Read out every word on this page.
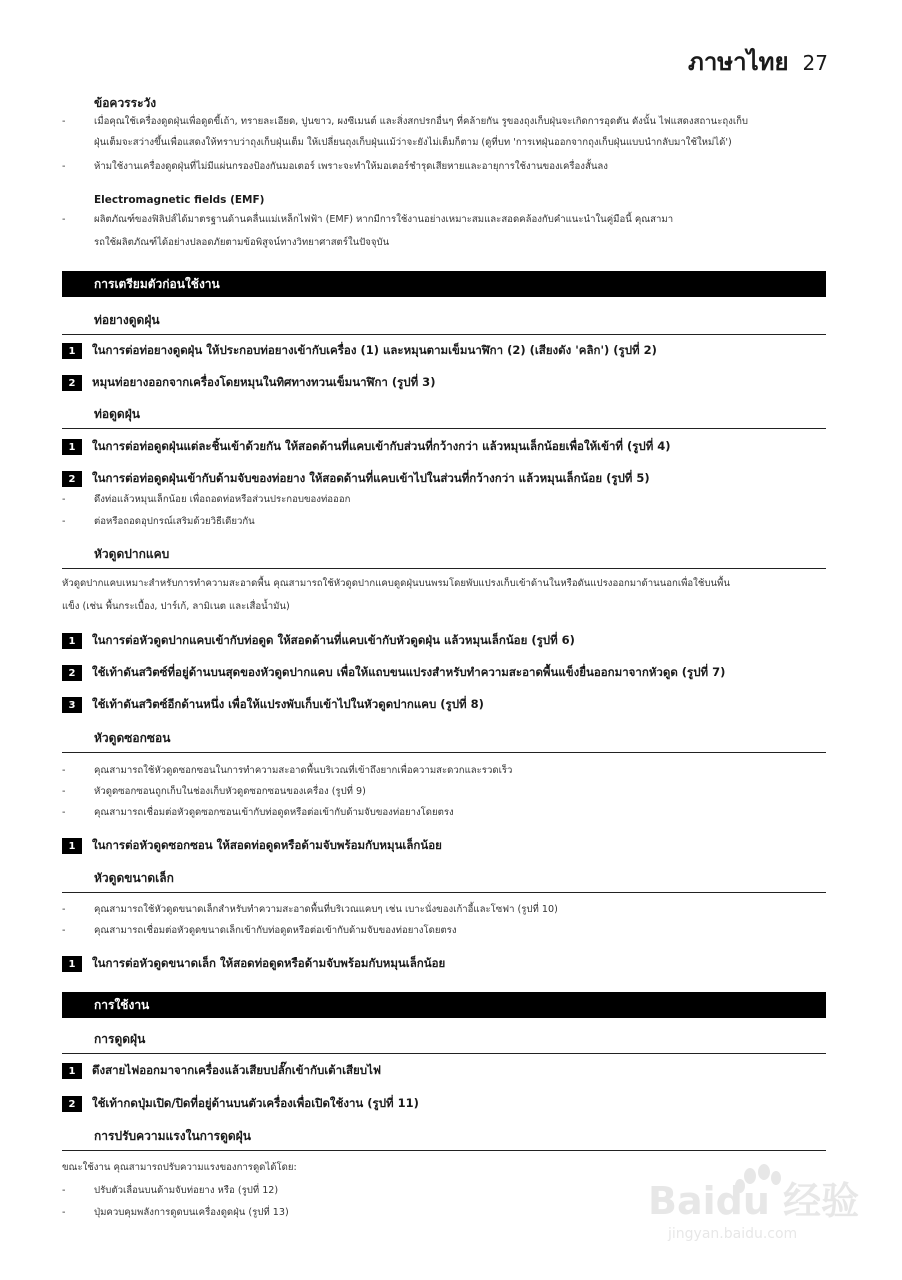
ภาษาไทย 27
ข้อควรระวัง
-	เมื่อคุณใช้เครื่องดูดฝุ่นเพื่อดูดขี้เถ้า, ทรายละเอียด, ปูนขาว, ผงซีเมนต์ และสิ่งสกปรกอื่นๆ ที่คล้ายกัน รูของถุงเก็บฝุ่นจะเกิดการอุดตัน ดังนั้น ไฟแสดงสถานะถุงเก็บ
ฝุ่นเต็มจะสว่างขึ้นเพื่อแสดงให้ทราบว่าถุงเก็บฝุ่นเต็ม ให้เปลี่ยนถุงเก็บฝุ่นแม้ว่าจะยังไม่เต็มก็ตาม (ดูที่บท 'การเทฝุ่นออกจากถุงเก็บฝุ่นแบบนำกลับมาใช้ใหม่ได้')
-	ห้ามใช้งานเครื่องดูดฝุ่นที่ไม่มีแผ่นกรองป้องกันมอเตอร์ เพราะจะทำให้มอเตอร์ชำรุดเสียหายและอายุการใช้งานของเครื่องสั้นลง
Electromagnetic fields (EMF)
-	ผลิตภัณฑ์ของฟิลิปส์ได้มาตรฐานด้านคลื่นแม่เหล็กไฟฟ้า (EMF) หากมีการใช้งานอย่างเหมาะสมและสอดคล้องกับคำแนะนำในคู่มือนี้ คุณสามา
รถใช้ผลิตภัณฑ์ได้อย่างปลอดภัยตามข้อพิสูจน์ทางวิทยาศาสตร์ในปัจจุบัน
การเตรียมตัวก่อนใช้งาน
ท่อยางดูดฝุ่น
1	ในการต่อท่อยางดูดฝุ่น ให้ประกอบท่อยางเข้ากับเครื่อง (1) และหมุนตามเข็มนาฬิกา (2) (เสียงดัง 'คลิก') (รูปที่ 2)
2	หมุนท่อยางออกจากเครื่องโดยหมุนในทิศทางทวนเข็มนาฬิกา (รูปที่ 3)
ท่อดูดฝุ่น
1	ในการต่อท่อดูดฝุ่นแต่ละชิ้นเข้าด้วยกัน ให้สอดด้านที่แคบเข้ากับส่วนที่กว้างกว่า แล้วหมุนเล็กน้อยเพื่อให้เข้าที่ (รูปที่ 4)
2	ในการต่อท่อดูดฝุ่นเข้ากับด้ามจับของท่อยาง ให้สอดด้านที่แคบเข้าไปในส่วนที่กว้างกว่า แล้วหมุนเล็กน้อย (รูปที่ 5)
-	ดึงท่อแล้วหมุนเล็กน้อย เพื่อถอดท่อหรือส่วนประกอบของท่อออก
-	ต่อหรือถอดอุปกรณ์เสริมด้วยวิธีเดียวกัน
หัวดูดปากแคบ
หัวดูดปากแคบเหมาะสำหรับการทำความสะอาดพื้น คุณสามารถใช้หัวดูดปากแคบดูดฝุ่นบนพรมโดยพับแปรงเก็บเข้าด้านในหรือดันแปรงออกมาด้านนอกเพื่อใช้บนพื้น
แข็ง (เช่น พื้นกระเบื้อง, ปาร์เก้, ลามิเนต และเสื่อน้ำมัน)
1	ในการต่อหัวดูดปากแคบเข้ากับท่อดูด ให้สอดด้านที่แคบเข้ากับหัวดูดฝุ่น แล้วหมุนเล็กน้อย (รูปที่ 6)
2	ใช้เท้าดันสวิตซ์ที่อยู่ด้านบนสุดของหัวดูดปากแคบ เพื่อให้แถบขนแปรงสำหรับทำความสะอาดพื้นแข็งยื่นออกมาจากหัวดูด (รูปที่ 7)
3	ใช้เท้าดันสวิตซ์อีกด้านหนึ่ง เพื่อให้แปรงพับเก็บเข้าไปในหัวดูดปากแคบ (รูปที่ 8)
หัวดูดซอกซอน
-	คุณสามารถใช้หัวดูดซอกซอนในการทำความสะอาดพื้นบริเวณที่เข้าถึงยากเพื่อความสะดวกและรวดเร็ว
-	หัวดูดซอกซอนถูกเก็บในช่องเก็บหัวดูดซอกซอนของเครื่อง (รูปที่ 9)
-	คุณสามารถเชื่อมต่อหัวดูดซอกซอนเข้ากับท่อดูดหรือต่อเข้ากับด้ามจับของท่อยางโดยตรง
1	ในการต่อหัวดูดซอกซอน ให้สอดท่อดูดหรือด้ามจับพร้อมกับหมุนเล็กน้อย
หัวดูดขนาดเล็ก
-	คุณสามารถใช้หัวดูดขนาดเล็กสำหรับทำความสะอาดพื้นที่บริเวณแคบๆ เช่น เบาะนั่งของเก้าอี้และโซฟา (รูปที่ 10)
-	คุณสามารถเชื่อมต่อหัวดูดขนาดเล็กเข้ากับท่อดูดหรือต่อเข้ากับด้ามจับของท่อยางโดยตรง
1	ในการต่อหัวดูดขนาดเล็ก ให้สอดท่อดูดหรือด้ามจับพร้อมกับหมุนเล็กน้อย
การใช้งาน
การดูดฝุ่น
1	ดึงสายไฟออกมาจากเครื่องแล้วเสียบปลั๊กเข้ากับเต้าเสียบไฟ
2	ใช้เท้ากดปุ่มเปิด/ปิดที่อยู่ด้านบนตัวเครื่องเพื่อเปิดใช้งาน (รูปที่ 11)
การปรับความแรงในการดูดฝุ่น
ขณะใช้งาน คุณสามารถปรับความแรงของการดูดได้โดย:
-	ปรับตัวเลื่อนบนด้ามจับท่อยาง หรือ (รูปที่ 12)
-	ปุ่มควบคุมพลังการดูดบนเครื่องดูดฝุ่น (รูปที่ 13)	Baidu 经验
jingyan.baidu.com
